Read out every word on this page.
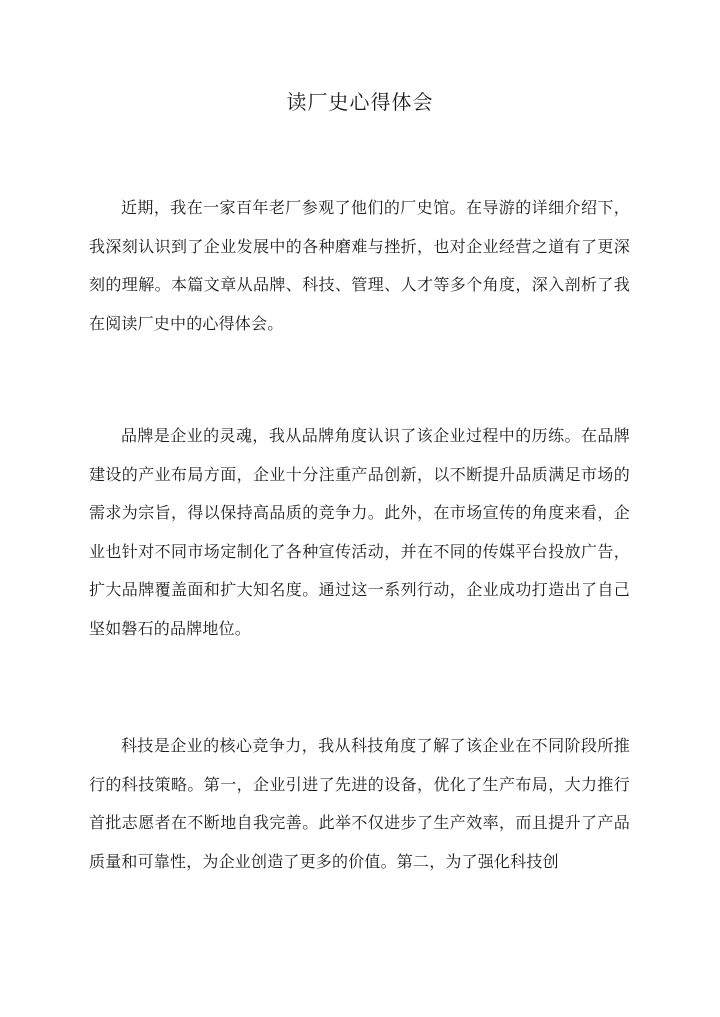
读厂史心得体会

近期，我在一家百年老厂参观了他们的厂史馆。在导游的详细介绍下，我深刻认识到了企业发展中的各种磨难与挫折，也对企业经营之道有了更深刻的理解。本篇文章从品牌、科技、管理、人才等多个角度，深入剖析了我在阅读厂史中的心得体会。

品牌是企业的灵魂，我从品牌角度认识了该企业过程中的历练。在品牌建设的产业布局方面，企业十分注重产品创新，以不断提升品质满足市场的需求为宗旨，得以保持高品质的竞争力。此外，在市场宣传的角度来看，企业也针对不同市场定制化了各种宣传活动，并在不同的传媒平台投放广告，扩大品牌覆盖面和扩大知名度。通过这一系列行动，企业成功打造出了自己坚如磐石的品牌地位。

科技是企业的核心竞争力，我从科技角度了解了该企业在不同阶段所推行的科技策略。第一，企业引进了先进的设备，优化了生产布局，大力推行首批志愿者在不断地自我完善。此举不仅进步了生产效率，而且提升了产品质量和可靠性，为企业创造了更多的价值。第二，为了强化科技创
